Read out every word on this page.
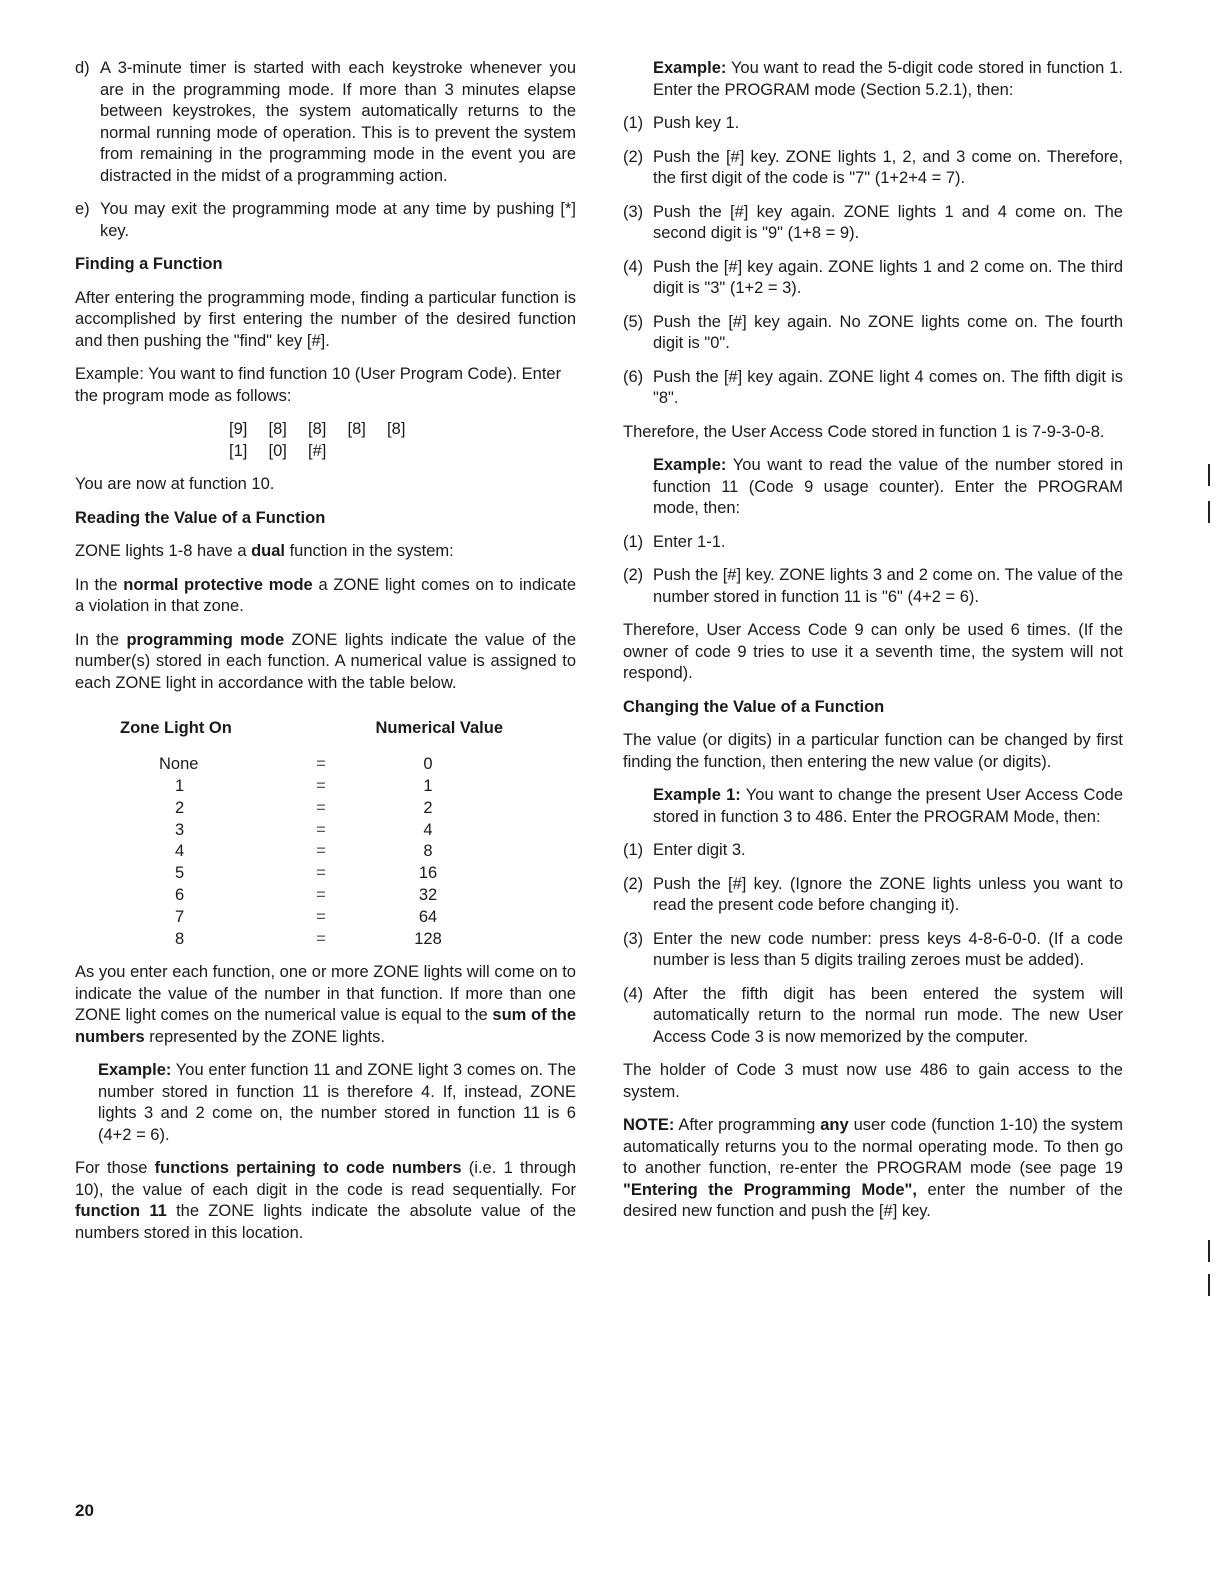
d) A 3-minute timer is started with each keystroke whenever you are in the programming mode. If more than 3 minutes elapse between keystrokes, the system automatically returns to the normal running mode of operation. This is to prevent the system from remaining in the programming mode in the event you are distracted in the midst of a programming action.
e) You may exit the programming mode at any time by pushing [*] key.
Finding a Function

After entering the programming mode, finding a particular function is accomplished by first entering the number of the desired function and then pushing the "find" key [#].

Example: You want to find function 10 (User Program Code). Enter the program mode as follows:

[9]  [8]  [8]  [8]  [8]
[1]  [0]  [#]

You are now at function 10.

Reading the Value of a Function

ZONE lights 1-8 have a dual function in the system:

In the normal protective mode a ZONE light comes on to indicate a violation in that zone.

In the programming mode ZONE lights indicate the value of the number(s) stored in each function. A numerical value is assigned to each ZONE light in accordance with the table below.

Zone Light On		Numerical Value
None	=	0
1	=	1
2	=	2
3	=	4
4	=	8
5	=	16
6	=	32
7	=	64
8	=	128

As you enter each function, one or more ZONE lights will come on to indicate the value of the number in that function. If more than one ZONE light comes on the numerical value is equal to the sum of the numbers represented by the ZONE lights.

Example: You enter function 11 and ZONE light 3 comes on. The number stored in function 11 is therefore 4. If, instead, ZONE lights 3 and 2 come on, the number stored in function 11 is 6 (4+2 = 6).

For those functions pertaining to code numbers (i.e. 1 through 10), the value of each digit in the code is read sequentially. For function 11 the ZONE lights indicate the absolute value of the numbers stored in this location.

Example: You want to read the 5-digit code stored in function 1. Enter the PROGRAM mode (Section 5.2.1), then:
(1) Push key 1.
(2) Push the [#] key. ZONE lights 1, 2, and 3 come on. Therefore, the first digit of the code is "7" (1+2+4 = 7).
(3) Push the [#] key again. ZONE lights 1 and 4 come on. The second digit is "9" (1+8 = 9).
(4) Push the [#] key again. ZONE lights 1 and 2 come on. The third digit is "3" (1+2 = 3).
(5) Push the [#] key again. No ZONE lights come on. The fourth digit is "0".
(6) Push the [#] key again. ZONE light 4 comes on. The fifth digit is "8".

Therefore, the User Access Code stored in function 1 is 7-9-3-0-8.

Example: You want to read the value of the number stored in function 11 (Code 9 usage counter). Enter the PROGRAM mode, then:
(1) Enter 1-1.
(2) Push the [#] key. ZONE lights 3 and 2 come on. The value of the number stored in function 11 is "6" (4+2 = 6).

Therefore, User Access Code 9 can only be used 6 times. (If the owner of code 9 tries to use it a seventh time, the system will not respond).

Changing the Value of a Function

The value (or digits) in a particular function can be changed by first finding the function, then entering the new value (or digits).

Example 1: You want to change the present User Access Code stored in function 3 to 486. Enter the PROGRAM Mode, then:
(1) Enter digit 3.
(2) Push the [#] key. (Ignore the ZONE lights unless you want to read the present code before changing it).
(3) Enter the new code number: press keys 4-8-6-0-0. (If a code number is less than 5 digits trailing zeroes must be added).
(4) After the fifth digit has been entered the system will automatically return to the normal run mode. The new User Access Code 3 is now memorized by the computer.

The holder of Code 3 must now use 486 to gain access to the system.

NOTE: After programming any user code (function 1-10) the system automatically returns you to the normal operating mode. To then go to another function, re-enter the PROGRAM mode (see page 19 "Entering the Programming Mode", enter the number of the desired new function and push the [#] key.

20
